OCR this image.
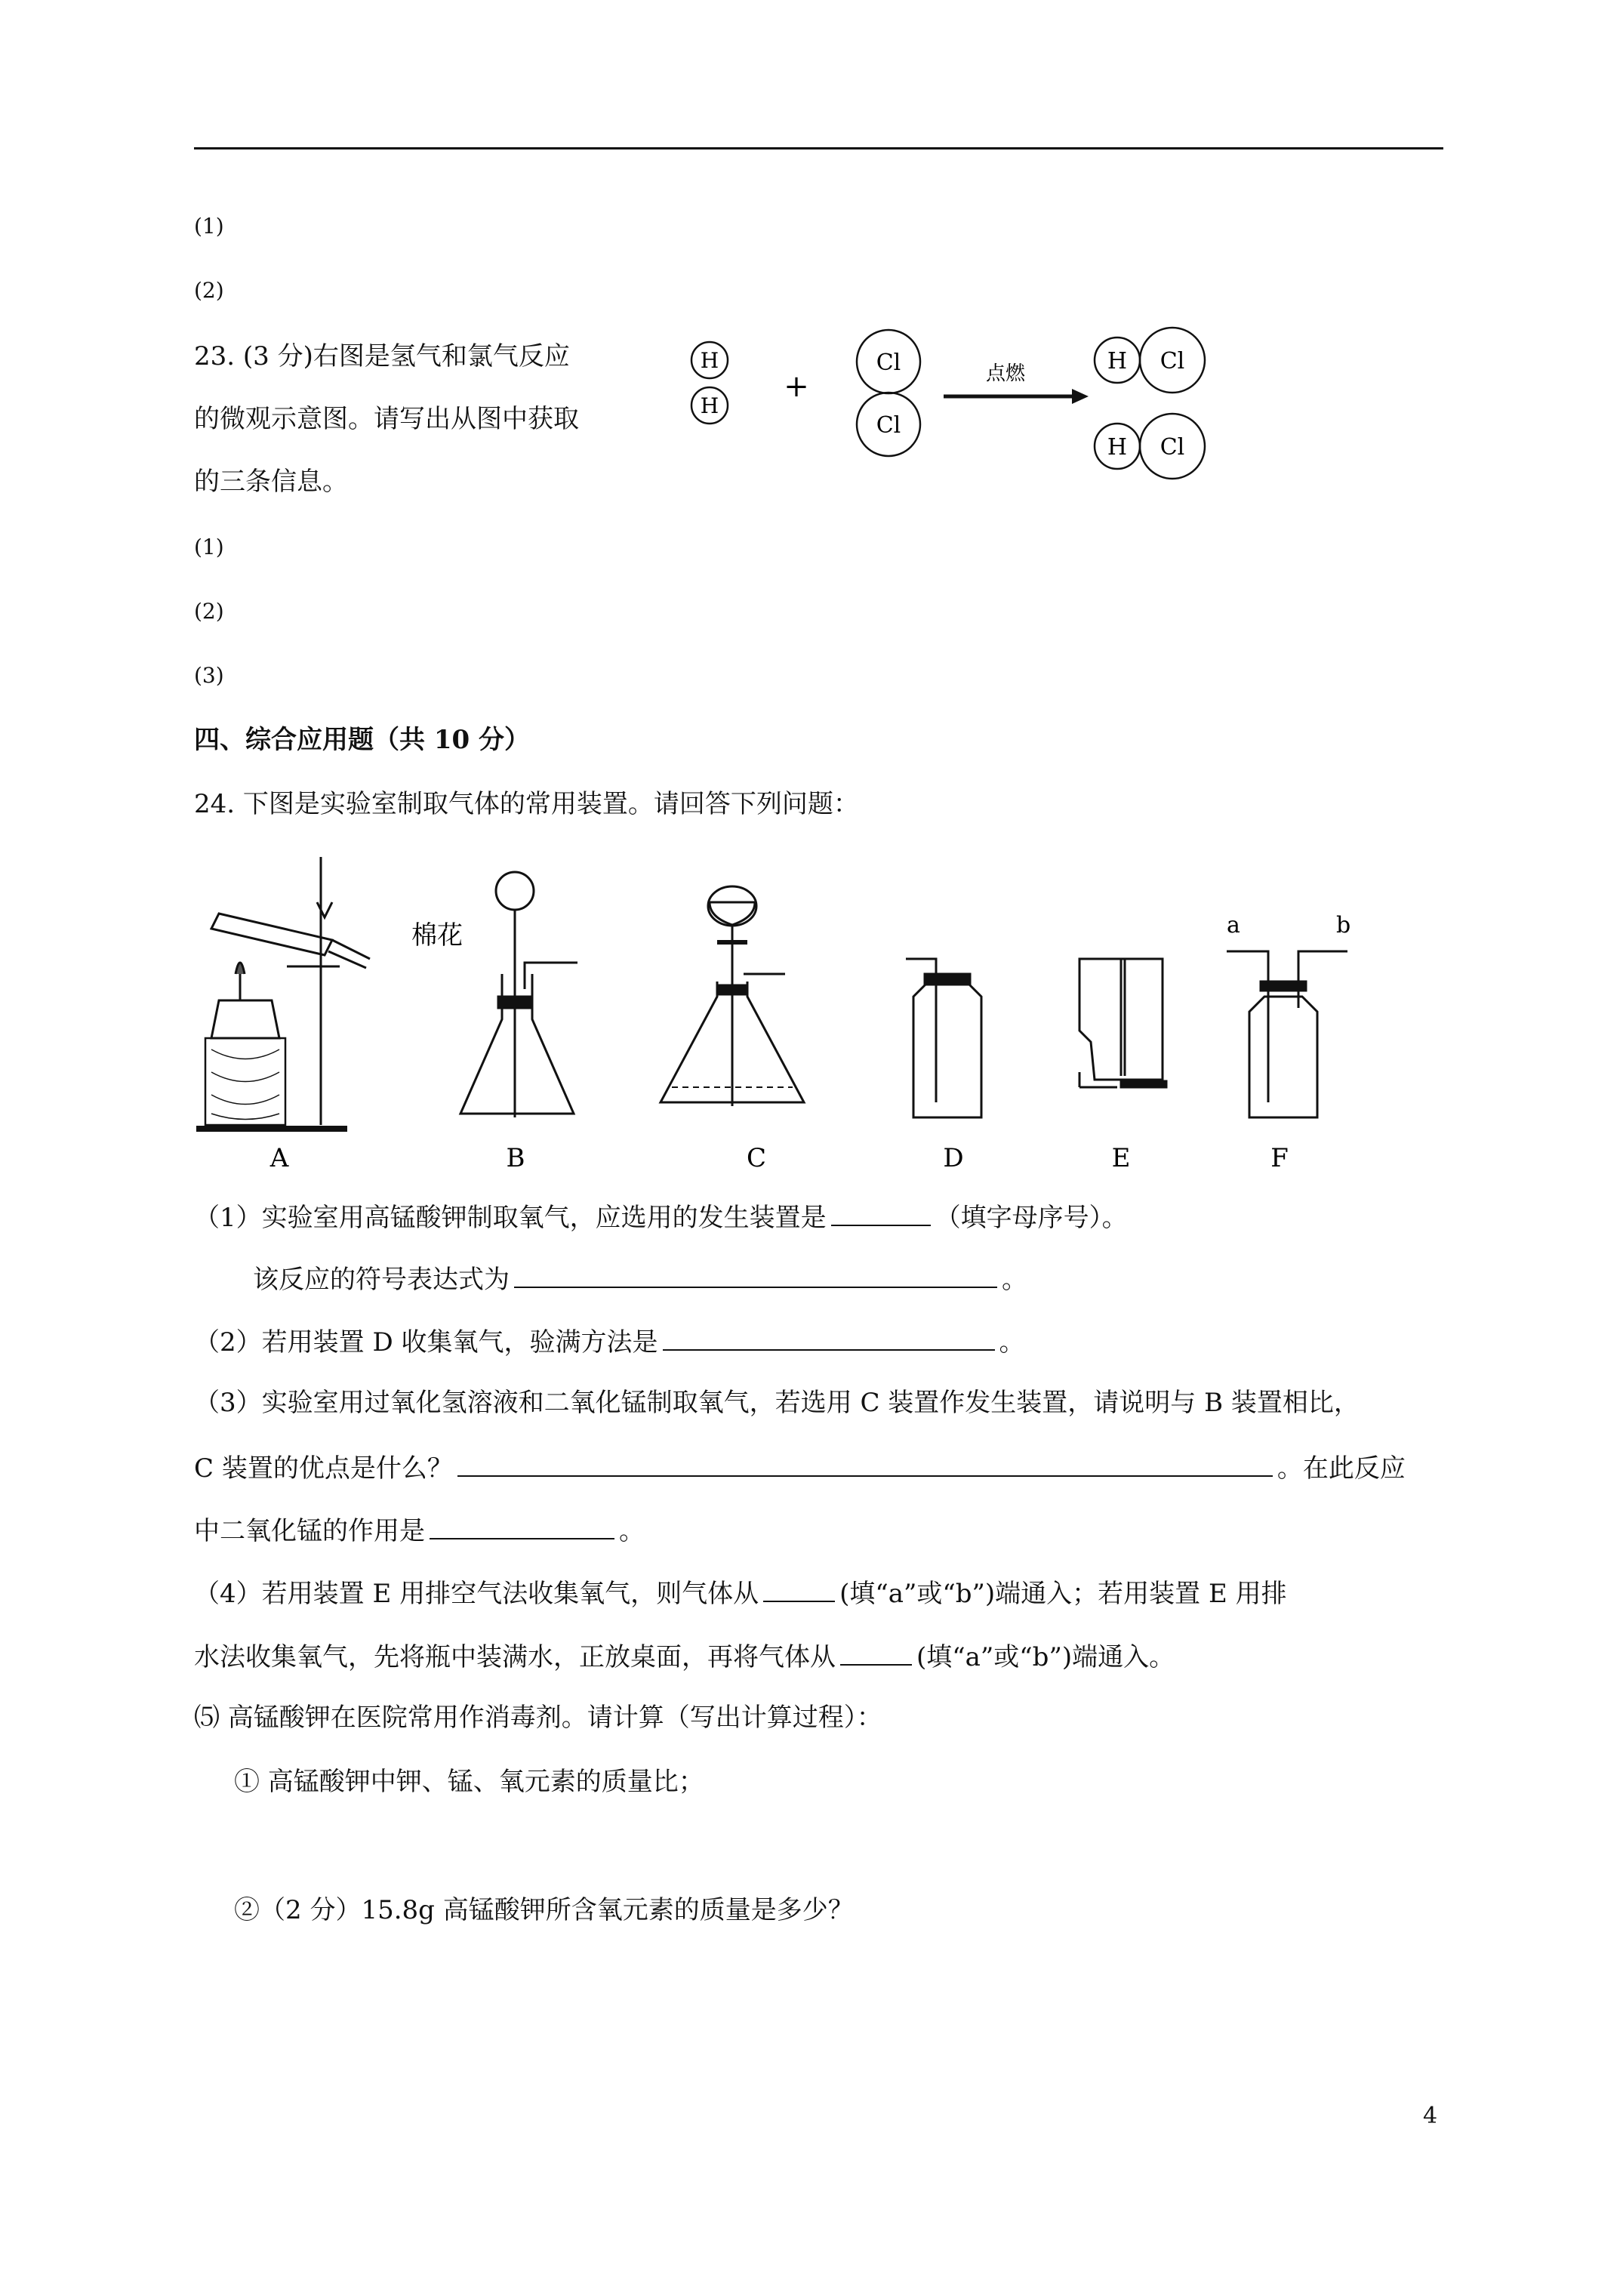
(1)
(2)
23. (3 分)右图是氢气和氯气反应
的微观示意图。请写出从图中获取
的三条信息。
H
H
+
Cl
Cl
点燃	H Cl
H Cl
(1)
(2)
(3)
四、综合应用题（共 10 分）
24. 下图是实验室制取气体的常用装置。请回答下列问题：
棉花	a	b
A	B	C	D	E	F
（1）实验室用高锰酸钾制取氧气，应选用的发生装置是	（填字母序号）。
该反应的符号表达式为	。
（2）若用装置 D 收集氧气，验满方法是	。
（3）实验室用过氧化氢溶液和二氧化锰制取氧气，若选用 C 装置作发生装置，请说明与 B 装置相比，
C 装置的优点是什么？	。在此反应
中二氧化锰的作用是	。
（4）若用装置 E 用排空气法收集氧气，则气体从	(填“a”或“b”)端通入；若用装置 E 用排
水法收集氧气，先将瓶中装满水，正放桌面，再将气体从	(填“a”或“b”)端通入。
⑸ 高锰酸钾在医院常用作消毒剂。请计算（写出计算过程）：
① 高锰酸钾中钾、锰、氧元素的质量比；
②（2 分）15.8g 高锰酸钾所含氧元素的质量是多少？
4
